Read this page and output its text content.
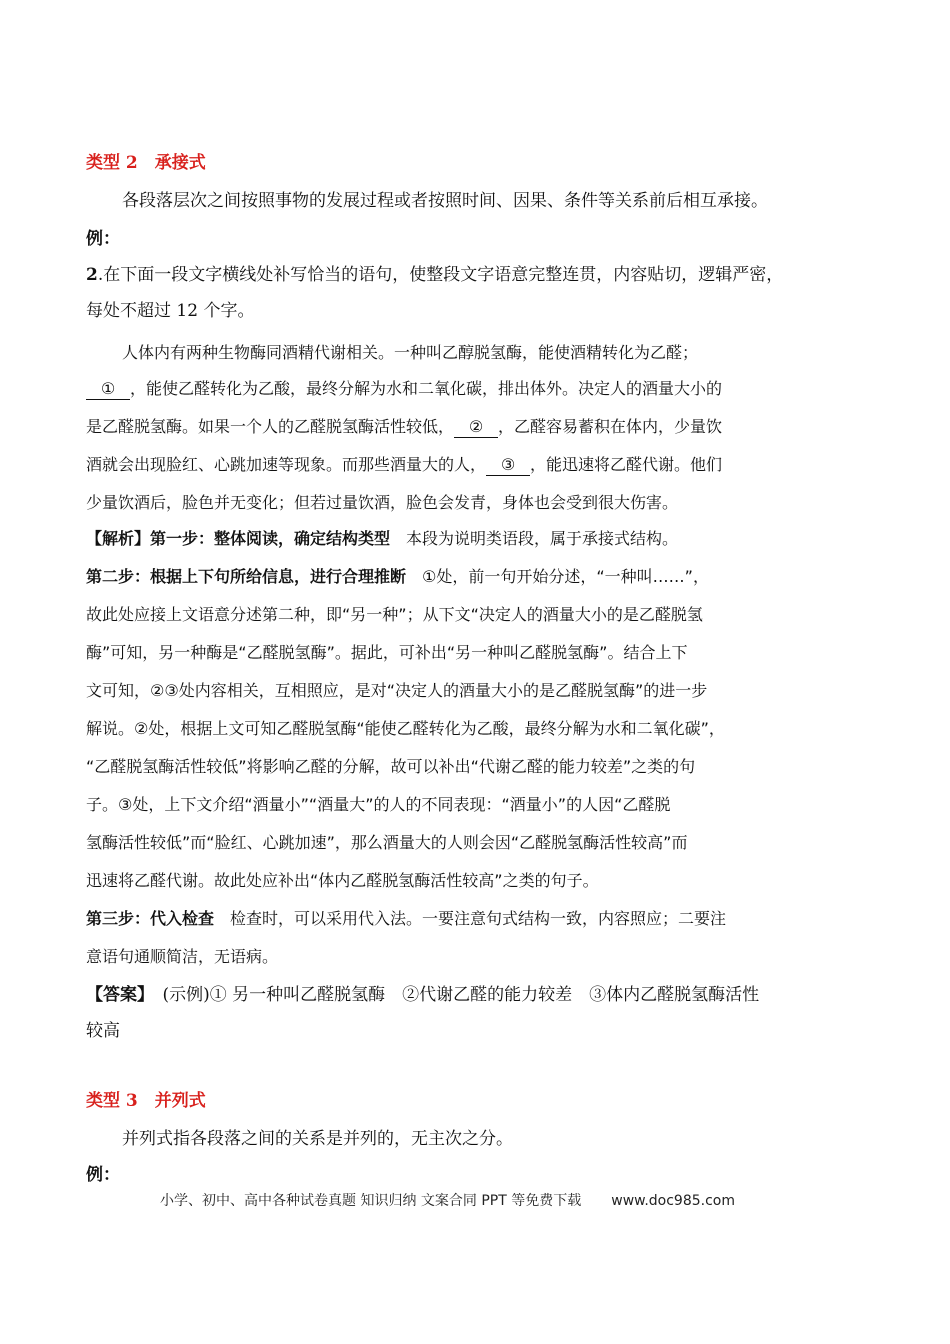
类型 2　承接式
各段落层次之间按照事物的发展过程或者按照时间、因果、条件等关系前后相互承接。
例：
2.在下面一段文字横线处补写恰当的语句，使整段文字语意完整连贯，内容贴切，逻辑严密，
每处不超过 12 个字。
人体内有两种生物酶同酒精代谢相关。一种叫乙醇脱氢酶，能使酒精转化为乙醛；
① ，能使乙醛转化为乙酸，最终分解为水和二氧化碳，排出体外。决定人的酒量大小的
是乙醛脱氢酶。如果一个人的乙醛脱氢酶活性较低， ② ，乙醛容易蓄积在体内，少量饮
酒就会出现脸红、心跳加速等现象。而那些酒量大的人， ③ ，能迅速将乙醛代谢。他们
少量饮酒后，脸色并无变化；但若过量饮酒，脸色会发青，身体也会受到很大伤害。
【解析】第一步：整体阅读，确定结构类型　本段为说明类语段，属于承接式结构。
第二步：根据上下句所给信息，进行合理推断　①处，前一句开始分述，“一种叫……”，
故此处应接上文语意分述第二种，即“另一种”；从下文“决定人的酒量大小的是乙醛脱氢
酶”可知，另一种酶是“乙醛脱氢酶”。据此，可补出“另一种叫乙醛脱氢酶”。结合上下
文可知，②③处内容相关，互相照应，是对“决定人的酒量大小的是乙醛脱氢酶”的进一步
解说。②处，根据上文可知乙醛脱氢酶“能使乙醛转化为乙酸，最终分解为水和二氧化碳”，
“乙醛脱氢酶活性较低”将影响乙醛的分解，故可以补出“代谢乙醛的能力较差”之类的句
子。③处，上下文介绍“酒量小”“酒量大”的人的不同表现：“酒量小”的人因“乙醛脱
氢酶活性较低”而“脸红、心跳加速”，那么酒量大的人则会因“乙醛脱氢酶活性较高”而
迅速将乙醛代谢。故此处应补出“体内乙醛脱氢酶活性较高”之类的句子。
第三步：代入检查　检查时，可以采用代入法。一要注意句式结构一致，内容照应；二要注
意语句通顺简洁，无语病。
【答案】　(示例)① 另一种叫乙醛脱氢酶　②代谢乙醛的能力较差　③体内乙醛脱氢酶活性
较高
类型 3　并列式
并列式指各段落之间的关系是并列的，无主次之分。
例：
小学、初中、高中各种试卷真题 知识归纳 文案合同 PPT 等免费下载 www.doc985.com
